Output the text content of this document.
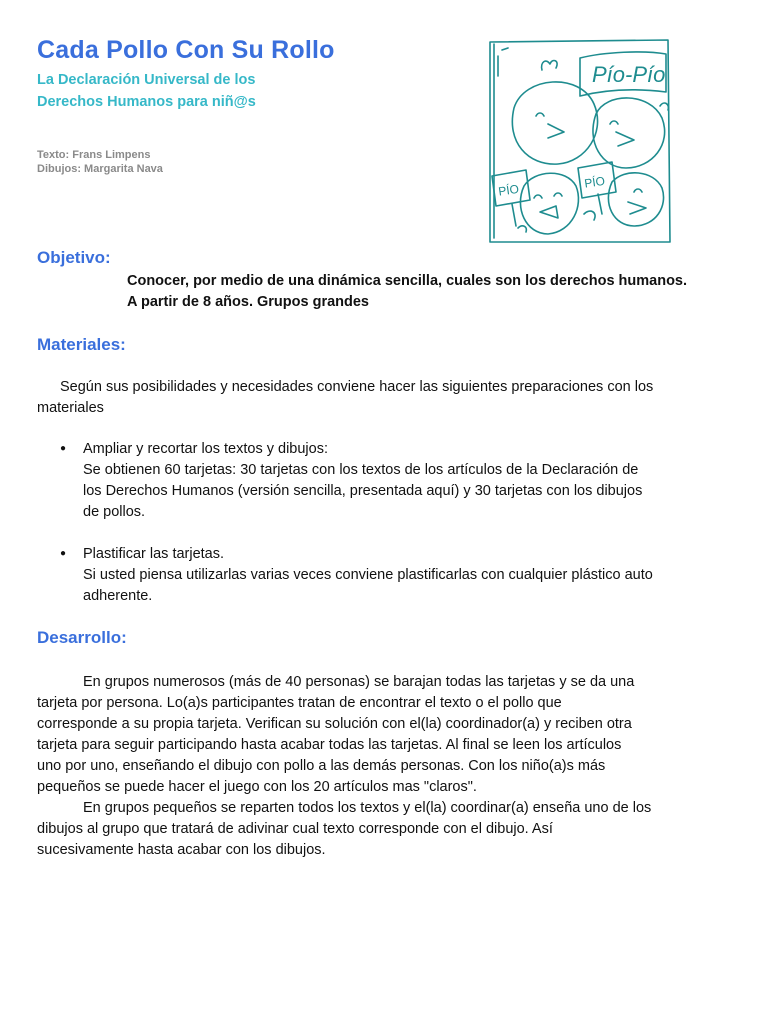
Cada Pollo Con Su Rollo
La Declaración Universal de los
Derechos Humanos para niñ@s
Texto: Frans Limpens
Dibujos: Margarita Nava
Pío-Pío
PÍO	PÍO
Objetivo:
Conocer, por medio de una dinámica sencilla, cuales son los derechos humanos.
A partir de 8 años. Grupos grandes
Materiales:
Según sus posibilidades y necesidades conviene hacer las siguientes preparaciones con los
materiales
● Ampliar y recortar los textos y dibujos:
Se obtienen 60 tarjetas: 30 tarjetas con los textos de los artículos de la Declaración de
los Derechos Humanos (versión sencilla, presentada aquí) y 30 tarjetas con los dibujos
de pollos.
● Plastificar las tarjetas.
Si usted piensa utilizarlas varias veces conviene plastificarlas con cualquier plástico auto
adherente.
Desarrollo:
En grupos numerosos (más de 40 personas) se barajan todas las tarjetas y se da una
tarjeta por persona. Lo(a)s participantes tratan de encontrar el texto o el pollo que
corresponde a su propia tarjeta. Verifican su solución con el(la) coordinador(a) y reciben otra
tarjeta para seguir participando hasta acabar todas las tarjetas. Al final se leen los artículos
uno por uno, enseñando el dibujo con pollo a las demás personas. Con los niño(a)s más
pequeños se puede hacer el juego con los 20 artículos mas "claros".
En grupos pequeños se reparten todos los textos y el(la) coordinar(a) enseña uno de los
dibujos al grupo que tratará de adivinar cual texto corresponde con el dibujo. Así
sucesivamente hasta acabar con los dibujos.
